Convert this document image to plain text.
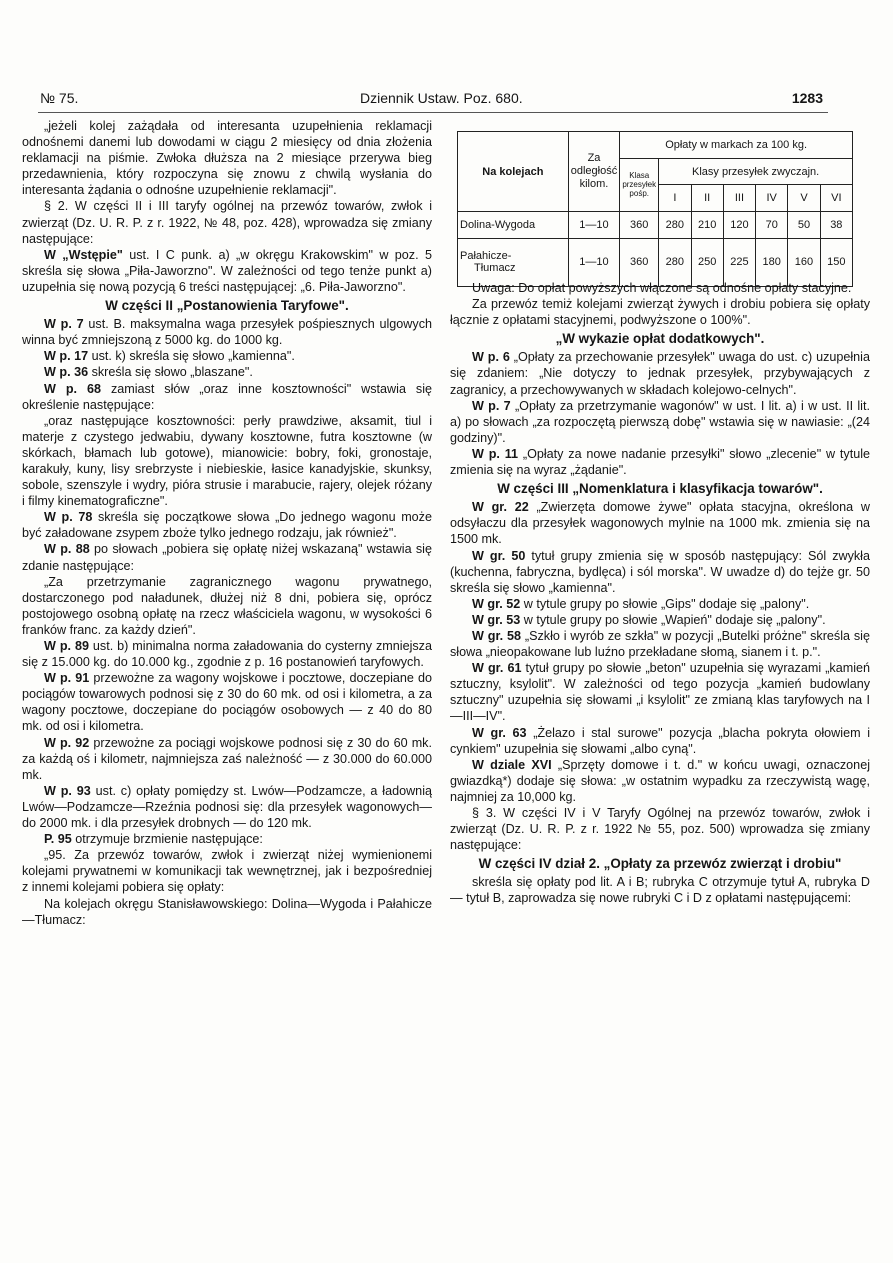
№ 75.	Dziennik Ustaw. Poz. 680.	1283

„jeżeli kolej zażądała od interesanta uzupełnienia reklamacji odnośnemi danemi lub dowodami w ciągu 2 miesięcy od dnia złożenia reklamacji na piśmie. Zwłoka dłuższa na 2 miesiące przerywa bieg przedawnienia, który rozpoczyna się znowu z chwilą wysłania do interesanta żądania o odnośne uzupełnienie reklamacji".

§ 2. W części II i III taryfy ogólnej na przewóz towarów, zwłok i zwierząt (Dz. U. R. P. z r. 1922, № 48, poz. 428), wprowadza się zmiany następujące:

W „Wstępie" ust. I C punk. a) „w okręgu Krakowskim" w poz. 5 skreśla się słowa „Piła-Jaworzno". W zależności od tego tenże punkt a) uzupełnia się nową pozycją 6 treści następującej: „6. Piła-Jaworzno".

W części II „Postanowienia Taryfowe".

W p. 7 ust. B. maksymalna waga przesyłek pośpiesznych ulgowych winna być zmniejszoną z 5000 kg. do 1000 kg.

W p. 17 ust. k) skreśla się słowo „kamienna".

W p. 36 skreśla się słowo „blaszane".

W p. 68 zamiast słów „oraz inne kosztowności" wstawia się określenie następujące:

„oraz następujące kosztowności: perły prawdziwe, aksamit, tiul i materje z czystego jedwabiu, dywany kosztowne, futra kosztowne (w skórkach, błamach lub gotowe), mianowicie: bobry, foki, gronostaje, karakuły, kuny, lisy srebrzyste i niebieskie, łasice kanadyjskie, skunksy, sobole, szenszyle i wydry, pióra strusie i marabucie, rajery, olejek różany i filmy kinematograficzne".

W p. 78 skreśla się początkowe słowa „Do jednego wagonu może być załadowane zsypem zboże tylko jednego rodzaju, jak również".

W p. 88 po słowach „pobiera się opłatę niżej wskazaną" wstawia się zdanie następujące:

„Za przetrzymanie zagranicznego wagonu prywatnego, dostarczonego pod naładunek, dłużej niż 8 dni, pobiera się, oprócz postojowego osobną opłatę na rzecz właściciela wagonu, w wysokości 6 franków franc. za każdy dzień".

W p. 89 ust. b) minimalna norma załadowania do cysterny zmniejsza się z 15.000 kg. do 10.000 kg., zgodnie z p. 16 postanowień taryfowych.

W p. 91 przewożne za wagony wojskowe i pocztowe, doczepiane do pociągów towarowych podnosi się z 30 do 60 mk. od osi i kilometra, a za wagony pocztowe, doczepiane do pociągów osobowych — z 40 do 80 mk. od osi i kilometra.

W p. 92 przewożne za pociągi wojskowe podnosi się z 30 do 60 mk. za każdą oś i kilometr, najmniejsza zaś należność — z 30.000 do 60.000 mk.

W p. 93 ust. c) opłaty pomiędzy st. Lwów—Podzamcze, a ładownią Lwów—Podzamcze—Rzeźnia podnosi się: dla przesyłek wagonowych—do 2000 mk. i dla przesyłek drobnych — do 120 mk.

P. 95 otrzymuje brzmienie następujące:

„95. Za przewóz towarów, zwłok i zwierząt niżej wymienionemi kolejami prywatnemi w komunikacji tak wewnętrznej, jak i bezpośredniej z innemi kolejami pobiera się opłaty:

Na kolejach okręgu Stanisławowskiego: Dolina—Wygoda i Pałahicze—Tłumacz:

Na kolejach	Za odległość kilom.	Opłaty w markach za 100 kg.						
		Klasa przesyłek pośp.	Klasy przesyłek zwyczajn.					
			I	II	III	IV	V	VI
Dolina-Wygoda	1—10	360	280	210	120	70	50	38
Pałahicze-
Tłumacz	1—10	360	280	250	225	180	160	150

Uwaga: Do opłat powyższych włączone są odnośne opłaty stacyjne.

Za przewóz temiż kolejami zwierząt żywych i drobiu pobiera się opłaty łącznie z opłatami stacyjnemi, podwyższone o 100%".

„W wykazie opłat dodatkowych".

W p. 6 „Opłaty za przechowanie przesyłek" uwaga do ust. c) uzupełnia się zdaniem: „Nie dotyczy to jednak przesyłek, przybywających z zagranicy, a przechowywanych w składach kolejowo-celnych".

W p. 7 „Opłaty za przetrzymanie wagonów" w ust. I lit. a) i w ust. II lit. a) po słowach „za rozpoczętą pierwszą dobę" wstawia się w nawiasie: „(24 godziny)".

W p. 11 „Opłaty za nowe nadanie przesyłki" słowo „zlecenie" w tytule zmienia się na wyraz „żądanie".

W części III „Nomenklatura i klasyfikacja towarów".

W gr. 22 „Zwierzęta domowe żywe" opłata stacyjna, określona w odsyłaczu dla przesyłek wagonowych mylnie na 1000 mk. zmienia się na 1500 mk.

W gr. 50 tytuł grupy zmienia się w sposób następujący: Sól zwykła (kuchenna, fabryczna, bydlęca) i sól morska". W uwadze d) do tejże gr. 50 skreśla się słowo „kamienna".

W gr. 52 w tytule grupy po słowie „Gips" dodaje się „palony".

W gr. 53 w tytule grupy po słowie „Wapień" dodaje się „palony".

W gr. 58 „Szkło i wyrób ze szkła" w pozycji „Butelki próżne" skreśla się słowa „nieopakowane lub luźno przekładane słomą, sianem i t. p.".

W gr. 61 tytuł grupy po słowie „beton" uzupełnia się wyrazami „kamień sztuczny, ksylolit". W zależności od tego pozycja „kamień budowlany sztuczny" uzupełnia się słowami „i ksylolit" ze zmianą klas taryfowych na I—III—IV".

W gr. 63 „Żelazo i stal surowe" pozycja „blacha pokryta ołowiem i cynkiem" uzupełnia się słowami „albo cyną".

W dziale XVI „Sprzęty domowe i t. d." w końcu uwagi, oznaczonej gwiazdką*) dodaje się słowa: „w ostatnim wypadku za rzeczywistą wagę, najmniej za 10,000 kg.

§ 3. W części IV i V Taryfy Ogólnej na przewóz towarów, zwłok i zwierząt (Dz. U. R. P. z r. 1922 № 55, poz. 500) wprowadza się zmiany następujące:

W części IV dział 2. „Opłaty za przewóz zwierząt i drobiu"

skreśla się opłaty pod lit. A i B; rubryka C otrzymuje tytuł A, rubryka D — tytuł B, zaprowadza się nowe rubryki C i D z opłatami następującemi:
